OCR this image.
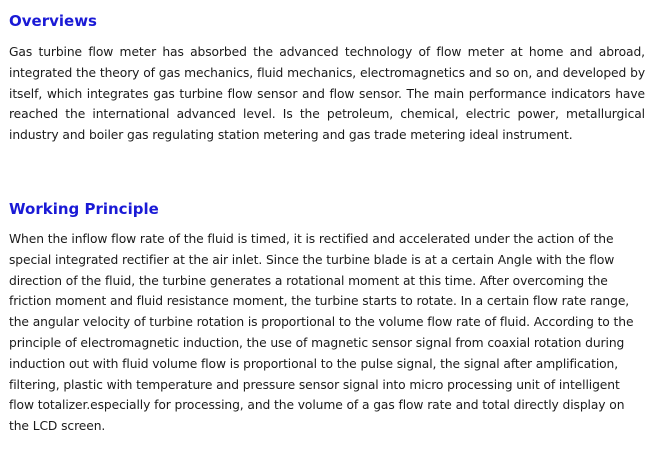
Overviews

Gas turbine flow meter has absorbed the advanced technology of flow meter at home and abroad, integrated the theory of gas mechanics, fluid mechanics, electromagnetics and so on, and developed by itself, which integrates gas turbine flow sensor and flow sensor. The main performance indicators have reached the international advanced level. Is the petroleum, chemical, electric power, metallurgical industry and boiler gas regulating station metering and gas trade metering ideal instrument.

Working Principle

When the inflow flow rate of the fluid is timed, it is rectified and accelerated under the action of the special integrated rectifier at the air inlet. Since the turbine blade is at a certain Angle with the flow direction of the fluid, the turbine generates a rotational moment at this time. After overcoming the friction moment and fluid resistance moment, the turbine starts to rotate. In a certain flow rate range, the angular velocity of turbine rotation is proportional to the volume flow rate of fluid. According to the principle of electromagnetic induction, the use of magnetic sensor signal from coaxial rotation during induction out with fluid volume flow is proportional to the pulse signal, the signal after amplification, filtering, plastic with temperature and pressure sensor signal into micro processing unit of intelligent flow totalizer.especially for processing, and the volume of a gas flow rate and total directly display on the LCD screen.
